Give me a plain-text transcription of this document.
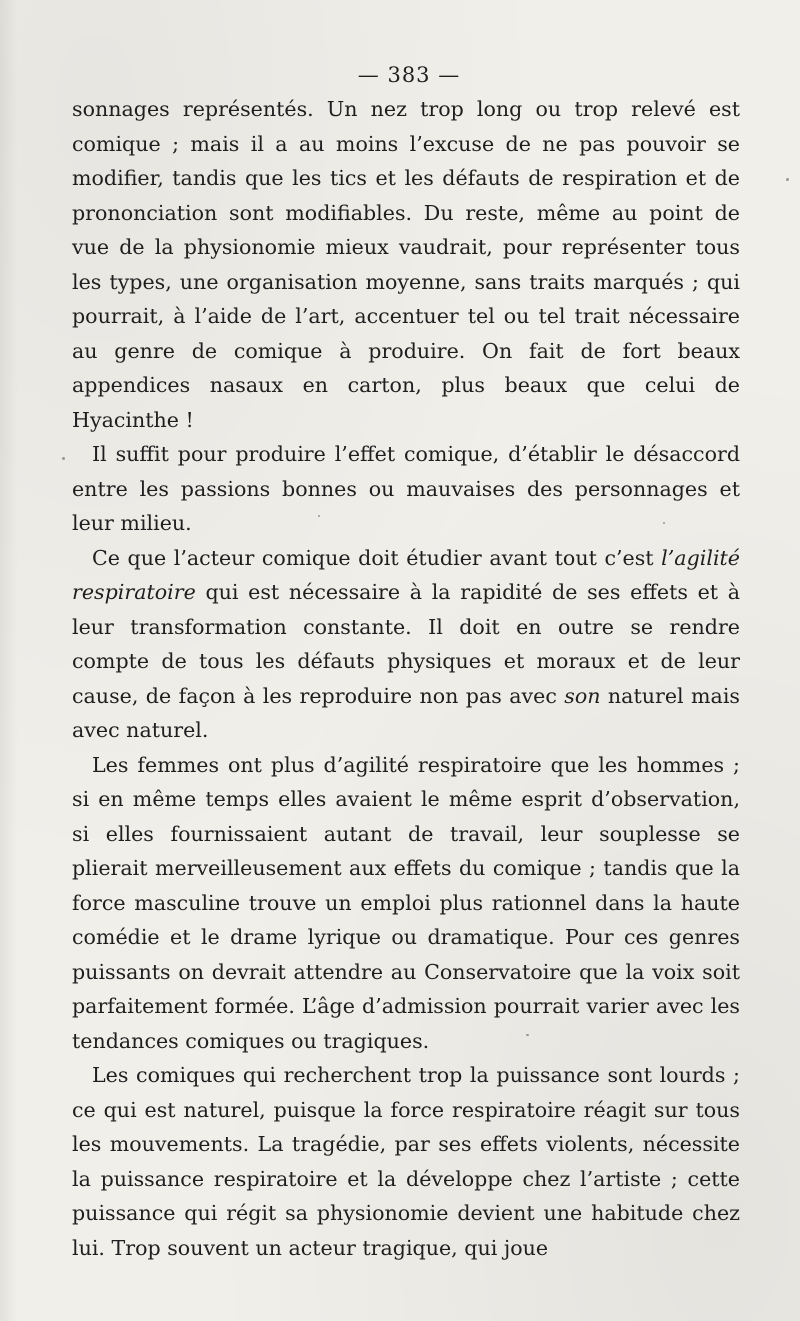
— 383 —

sonnages représentés. Un nez trop long ou trop relevé est comique ; mais il a au moins l’excuse de ne pas pouvoir se modifier, tandis que les tics et les défauts de respiration et de prononciation sont modifiables. Du reste, même au point de vue de la physionomie mieux vaudrait, pour représenter tous les types, une organisation moyenne, sans traits marqués ; qui pourrait, à l’aide de l’art, accentuer tel ou tel trait nécessaire au genre de comique à produire. On fait de fort beaux appendices nasaux en carton, plus beaux que celui de Hyacinthe !

Il suffit pour produire l’effet comique, d’établir le désaccord entre les passions bonnes ou mauvaises des personnages et leur milieu.

Ce que l’acteur comique doit étudier avant tout c’est l’agilité respiratoire qui est nécessaire à la rapidité de ses effets et à leur transformation constante. Il doit en outre se rendre compte de tous les défauts physiques et moraux et de leur cause, de façon à les reproduire non pas avec son naturel mais avec naturel.

Les femmes ont plus d’agilité respiratoire que les hommes ; si en même temps elles avaient le même esprit d’observation, si elles fournissaient autant de travail, leur souplesse se plierait merveilleusement aux effets du comique ; tandis que la force masculine trouve un emploi plus rationnel dans la haute comédie et le drame lyrique ou dramatique. Pour ces genres puissants on devrait attendre au Conservatoire que la voix soit parfaitement formée. L’âge d’admission pourrait varier avec les tendances comiques ou tragiques.

Les comiques qui recherchent trop la puissance sont lourds ; ce qui est naturel, puisque la force respiratoire réagit sur tous les mouvements. La tragédie, par ses effets violents, nécessite la puissance respiratoire et la développe chez l’artiste ; cette puissance qui régit sa physionomie devient une habitude chez lui. Trop souvent un acteur tragique, qui joue
